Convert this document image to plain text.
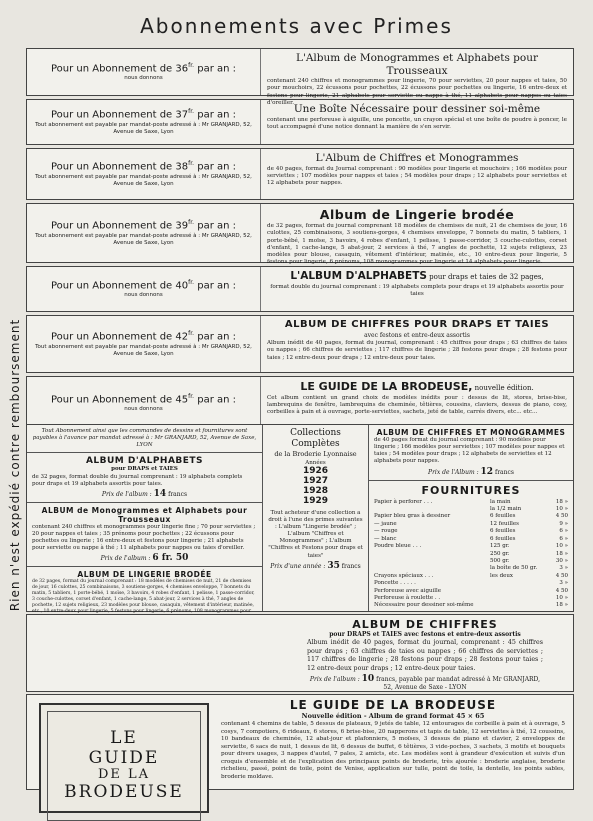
Abonnements avec Primes
Rien n'est expédié contre remboursement
Pour un Abonnement de $36^{fr.}$ par an :
nous donnons
L'Album de Monogrammes et Alphabets pour Trousseaux
contenant 240 chiffres et monogrammes pour lingerie, 70 pour serviettes, 20 pour nappes et taies, 50 pour mouchoirs, 22 écussons pour pochettes, 22 écussons pour pochettes ou lingerie, 16 entre-deux et festons pour lingerie, 21 alphabets pour serviette ou nappe à thé, 11 alphabets pour nappes ou taies d'oreiller.
Pour un Abonnement de $37^{fr.}$ par an :
Tout abonnement est payable par mandat-poste adressé à : Mr GRANJARD, 52, Avenue de Saxe, Lyon
Une Boîte Nécessaire pour dessiner soi-même
contenant une perforeuse à aiguille, une poncette, un crayon spécial et une boîte de poudre à poncer, le tout accompagné d'une notice donnant la manière de s'en servir.
Pour un Abonnement de $38^{fr.}$ par an :
Tout abonnement est payable par mandat-poste adressé à : Mr GRANJARD, 52, Avenue de Saxe, Lyon
L'Album de Chiffres et Monogrammes
de 40 pages, format du Journal comprenant : 90 modèles pour lingerie et mouchoirs ; 166 modèles pour serviettes ; 107 modèles pour nappes et taies ; 54 modèles pour draps ; 12 alphabets pour serviettes et 12 alphabets pour nappes.
Pour un Abonnement de $39^{fr.}$ par an :
Tout abonnement est payable par mandat-poste adressé à : Mr GRANJARD, 52, Avenue de Saxe, Lyon
Album de Lingerie brodée
de 32 pages, format du journal comprenant 18 modèles de chemises de nuit, 21 de chemises de jour, 16 culottes, 25 combinaisons, 3 soutiens-gorges, 4 chemises enveloppe, 7 bonnets du matin, 5 tabliers, 1 porte-bébé, 1 moïse, 3 bavoirs, 4 robes d'enfant, 1 pelisse, 1 passe-corridor, 3 couche-culottes, corset d'enfant, 1 cache-lange, 5 abat-jour, 2 services à thé, 7 angles de pochette, 12 sujets religieux, 23 modèles pour blouse, casaquin, vêtement d'intérieur, matinée, etc., 10 entre-deux pour lingerie, 5 festons pour lingerie, 6 prénoms, 108 monogrammes pour lingerie et 14 alphabets pour lingerie.
Pour un Abonnement de $40^{fr.}$ par an :
nous donnons
L'ALBUM D'ALPHABETS pour draps et taies de 32 pages,
format double du journal comprenant : 19 alphabets complets pour draps et 19 alphabets assortis pour taies
Pour un Abonnement de $42^{fr.}$ par an :
Tout abonnement est payable par mandat-poste adressé à : Mr GRANJARD, 52, Avenue de Saxe, Lyon
ALBUM DE CHIFFRES POUR DRAPS ET TAIES
avec festons et entre-deux assortis
Album inédit de 40 pages, format du journal, comprenant : 45 chiffres pour draps ; 63 chiffres de taies ou nappes ; 66 chiffres de serviettes ; 117 chiffres de lingerie ; 28 festons pour draps ; 28 festons pour taies ; 12 entre-deux pour draps ; 12 entre-deux pour taies.
Pour un Abonnement de $45^{fr.}$ par an :
nous donnons
LE GUIDE DE LA BRODEUSE, nouvelle édition.
Cet album contient un grand choix de modèles inédits pour : dessus de lit, stores, brise-bise, lambrequins de fenêtre, lambrequins de cheminée, têtières, coussins, claviers, dessus de piano, cosy, corbeilles à pain et à ouvrage, porte-serviettes, sachets, jeté de table, carrés divers, etc... etc...
Tout Abonnement ainsi que les commandes de dessins et fournitures sont payables à l'avance par mandat adressé à : Mr GRANJARD, 52, Avenue de Saxe, LYON
ALBUM D'ALPHABETS
pour DRAPS et TAIES
de 32 pages, format double du journal comprenant : 19 alphabets complets pour draps et 19 alphabets assortis pour taies.
Prix de l'album : 14 francs
ALBUM de Monogrammes et Alphabets pour Trousseaux
contenant 240 chiffres et monogrammes pour lingerie fine ; 70 pour serviettes ; 20 pour nappes et taies ; 35 prénoms pour pochettes ; 22 écussons pour pochettes ou lingerie ; 16 entre-deux et festons pour lingerie ; 21 alphabets pour serviette ou nappe à thé ; 11 alphabets pour nappes ou taies d'oreiller.
Prix de l'album : 6 fr. 50
ALBUM DE LINGERIE BRODÉE
de 32 pages, format du journal comprenant : 18 modèles de chemises de nuit, 21 de chemises de jour, 16 culottes, 25 combinaisons, 3 soutiens-gorges, 4 chemises enveloppe, 7 bonnets du matin, 5 tabliers, 1 porte-bébé, 1 moïse, 3 bavoirs, 4 robes d'enfant, 1 pelisse, 1 passe-corridor, 3 couche-culottes, corset d'enfant, 1 cache-lange, 5 abat-jour, 2 services à thé, 7 angles de pochette, 12 sujets religieux, 23 modèles pour blouse, casaquin, vêtement d'intérieur, matinée, etc., 10 entre-deux pour lingerie, 5 festons pour lingerie, 6 prénoms, 108 monogrammes pour
Collections
Complètes
de la Broderie Lyonnaise
Années
1926
1927
1928
1929
Tout acheteur d'une collection a droit à l'une des primes suivantes : L'album "Lingerie brodée" ; L'album "Chiffres et Monogrammes" ; L'album "Chiffres et Festons pour draps et taies"
Prix d'une année : 35 francs
ALBUM DE CHIFFRES ET MONOGRAMMES
de 40 pages format du journal comprenant : 90 modèles pour lingerie ; 166 modèles pour serviettes ; 107 modèles pour nappes et taies ; 54 modèles pour draps ; 12 alphabets de serviettes et 12 alphabets pour nappes.
Prix de l'Album : 12 francs
FOURNITURES
Papier à perforer . . .	la main	18 »
la 1/2 main	10 »
Papier bleu gras à dessiner	6 feuilles	4 50
— jaune	12 feuilles	9 »
— rouge	6 feuilles	6 »
— blanc	6 feuilles	6 »
Poudre bleue . . .	125 gr.	10 »
250 gr.	18 »
500 gr.	30 »
la boîte de 50 gr.	3 »
Crayons spéciaux . . .	les deux	4 50
Poncette . . . . .	3 »
Perforeuse avec aiguille	4 50
Perforeuse à roulette . .	10 »
Nécessaire pour dessiner soi-même	18 »
ALBUM DE CHIFFRES
pour DRAPS et TAIES avec festons et entre-deux assortis
Album inédit de 40 pages, format du journal, comprenant : 45 chiffres pour draps ; 63 chiffres de taies ou nappes ; 66 chiffres de serviettes ; 117 chiffres de lingerie ; 28 festons pour draps ; 28 festons pour taies ; 12 entre-deux pour draps ; 12 entre-deux pour taies.
Prix de l'album : 10 francs, payable par mandat adressé à Mr GRANJARD, 52, Avenue de Saxe - LYON
LE
GUIDE
DE LA
BRODEUSE
LE GUIDE DE LA BRODEUSE
Nouvelle édition - Album de grand format 45 × 65
contenant 4 chemins de table, 5 dessus de plateaux, 9 jetés de table, 12 entourages de corbeille à pain et à ouvrage, 5 cosys, 7 compotiers, 6 rideaux, 6 stores, 6 brise-bise, 20 napperons et tapis de table, 12 serviettes à thé, 12 coussins, 10 bandeaux de cheminée, 12 abat-jour et plafonniers, 5 moïses, 3 dessus de piano et clavier, 2 enveloppes de serviette, 6 sacs de nuit, 1 dessus de lit, 6 dessus de buffet, 6 têtières, 3 vide-poches, 3 sachets, 3 motifs et bouquets pour divers usages, 3 nappes d'autel, 7 pales, 2 amicts, etc. Les modèles sont à grandeur d'exécution et suivis d'un croquis d'ensemble et de l'explication des principaux points de broderie, très ajourée : broderie anglaise, broderie richelieu, passé, point de toile, point de Venise, application sur tulle, point de toile, la dentelle, les points sables, broderie moldave.
